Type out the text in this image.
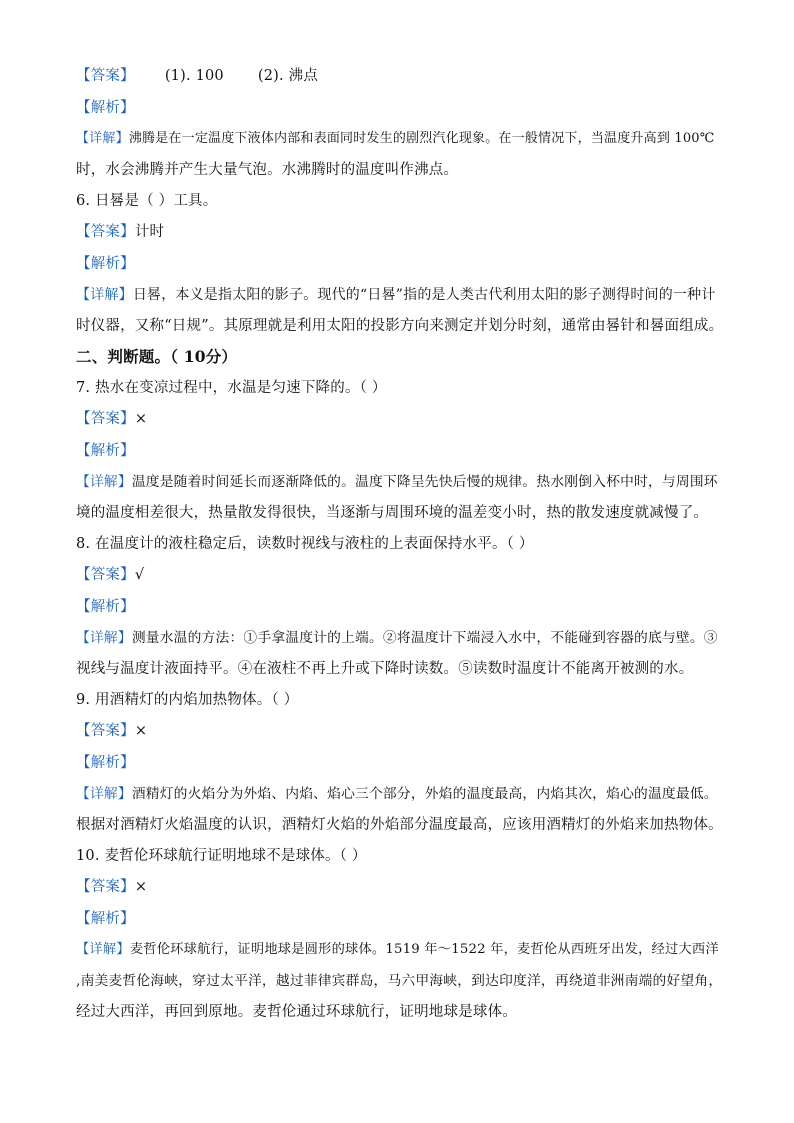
【答案】 (1). 100 (2). 沸点
【解析】
【详解】沸腾是在一定温度下液体内部和表面同时发生的剧烈汽化现象。在一般情况下，当温度升高到 100℃
时，水会沸腾并产生大量气泡。水沸腾时的温度叫作沸点。
6. 日晷是（ ）工具。
【答案】计时
【解析】
【详解】日晷，本义是指太阳的影子。现代的“日晷”指的是人类古代利用太阳的影子测得时间的一种计
时仪器，又称“日规”。其原理就是利用太阳的投影方向来测定并划分时刻，通常由晷针和晷面组成。
二、判断题。（ 10分）
7. 热水在变凉过程中，水温是匀速下降的。（ ）
【答案】×
【解析】
【详解】温度是随着时间延长而逐渐降低的。温度下降呈先快后慢的规律。热水刚倒入杯中时，与周围环
境的温度相差很大，热量散发得很快，当逐渐与周围环境的温差变小时，热的散发速度就减慢了。
8. 在温度计的液柱稳定后，读数时视线与液柱的上表面保持水平。（ ）
【答案】√
【解析】
【详解】测量水温的方法：①手拿温度计的上端。②将温度计下端浸入水中，不能碰到容器的底与壁。③
视线与温度计液面持平。④在液柱不再上升或下降时读数。⑤读数时温度计不能离开被测的水。
9. 用酒精灯的内焰加热物体。（ ）
【答案】×
【解析】
【详解】酒精灯的火焰分为外焰、内焰、焰心三个部分，外焰的温度最高，内焰其次，焰心的温度最低。
根据对酒精灯火焰温度的认识，酒精灯火焰的外焰部分温度最高，应该用酒精灯的外焰来加热物体。
10. 麦哲伦环球航行证明地球不是球体。（ ）
【答案】×
【解析】
【详解】麦哲伦环球航行，证明地球是圆形的球体。1519 年～1522 年，麦哲伦从西班牙出发，经过大西洋
,南美麦哲伦海峡，穿过太平洋，越过菲律宾群岛，马六甲海峡，到达印度洋，再绕道非洲南端的好望角，
经过大西洋，再回到原地。麦哲伦通过环球航行，证明地球是球体。
